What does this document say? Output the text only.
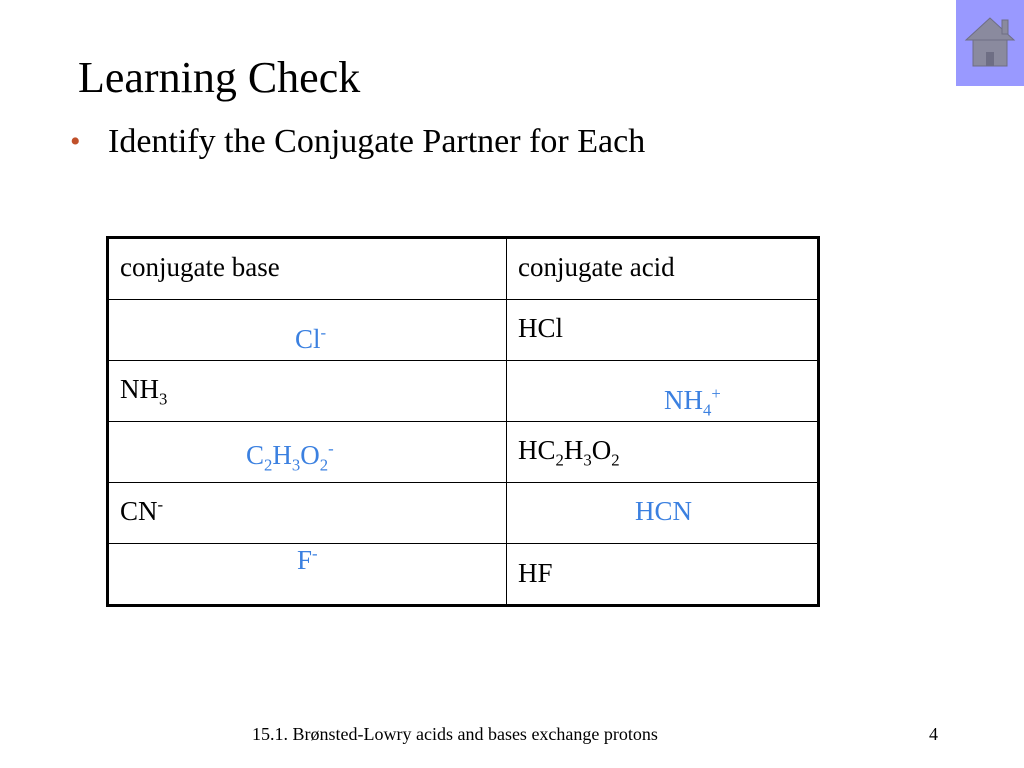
Learning Check
• Identify the Conjugate Partner for Each
conjugate base	conjugate acid

Cl-	HCl

$NH_3$	$NH_4^+$

$C_2H_3O_2^-$	$HC_2H_3O_2$

CN-	HCN

F-	HF
15.1. Brønsted-Lowry acids and bases exchange protons	4
